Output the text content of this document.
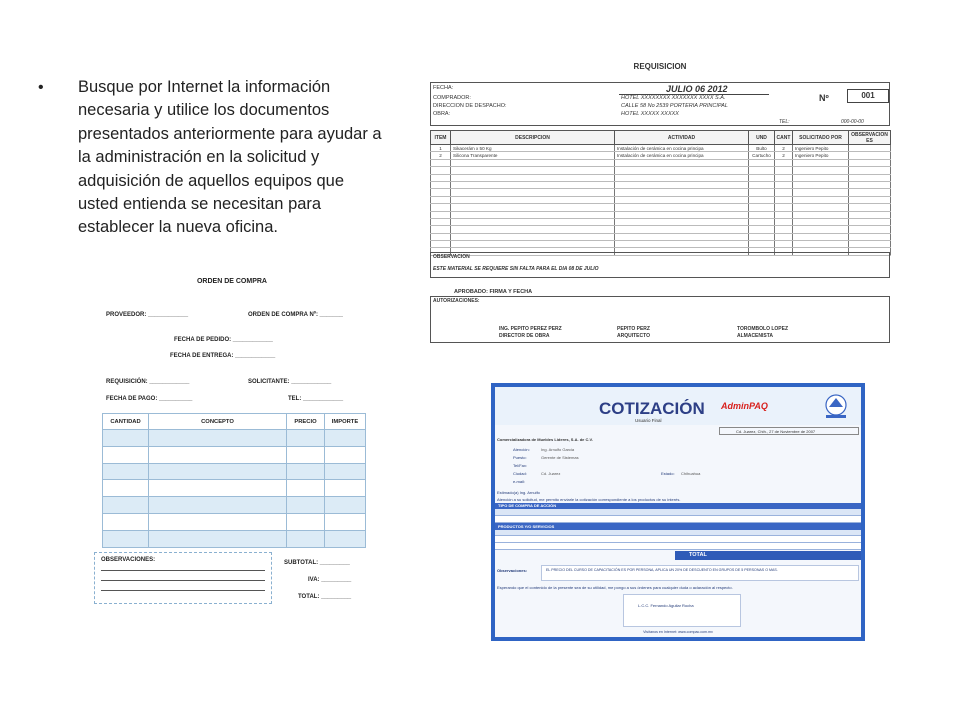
• Busque por Internet la información necesaria y utilice los documentos presentados anteriormente para ayudar a la administración en la solicitud y adquisición de aquellos equipos que usted entienda se necesitan para establecer la nueva oficina.

REQUISICION
FECHA:	JULIO 06 2012
COMPRADOR:	HOTEL XXXXXXXX XXXXXXX XXXX S.A.
DIRECCION DE DESPACHO:	CALLE 58 No 2539 PORTERIA PRINCIPAL
OBRA:	HOTEL XXXXX XXXXX
Nº	001
TEL:	000-00-00
ITEM	DESCRIPCION	ACTIVIDAD	UND	CANT	SOLICITADO POR	OBSERVACION ES
1	Sikacerám x 50 Kg	Instalación de cerámica en cocina principa	Bulto	2	Ingeniero Pepito	
2	Silicona Transparente	Instalación de cerámica en cocina principa	Cartucho	2	Ingeniero Pepito	

OBSERVACION
ESTE MATERIAL SE REQUIERE SIN FALTA PARA EL DIA 08 DE JULIO
APROBADO: FIRMA Y FECHA
AUTORIZACIONES:
ING. PEPITO PEREZ PERZ
DIRECTOR DE OBRA
PEPITO PERZ
ARQUITECTO
TOROMBOLO LOPEZ
ALMACENISTA
ORDEN DE COMPRA
PROVEEDOR: ____________	ORDEN DE COMPRA Nº: _______
FECHA DE PEDIDO: ____________
FECHA DE ENTREGA: ____________
REQUISICIÓN: ____________	SOLICITANTE: ____________
FECHA DE PAGO: __________	TEL: ____________
CANTIDAD	CONCEPTO	PRECIO	IMPORTE

SUBTOTAL: _________
IVA: _________
TOTAL: _________
OBSERVACIONES:
COTIZACIÓN
Usuario Final
AdminPAQ
Cd. Juarez, Chih., 27 de Noviembre de 2007
Comercializadora de Muebles Lideres, S.A. de C.V.
Atención:	Ing. Arnulfo Garcia
Puesto:	Gerente de Sistemas
Tel/Fax:
Ciudad:	Cd. Juarez	Estado: Chihuahua
e-mail:
Estimado(a) Ing. Arnulfo
Atención a su solicitud, me permito enviarle la cotización correspondiente a los productos de su interés.
TIPO DE COMPRA DE ACCIÓN
PRODUCTOS Y/O SERVICIOS
TOTAL
Observaciones:	EL PRECIO DEL CURSO DE CAPACITACIÓN ES POR PERSONA, APLICA UN 20% DE DESCUENTO EN GRUPOS DE 5 PERSONAS O MAS.
Esperando que el contenido de la presente sea de su utilidad, me pongo a sus órdenes para cualquier duda o aclaración al respecto.
L.C.C. Fernando Aguilar Rocha
Visítanos en Internet: www.compac.com.mx
